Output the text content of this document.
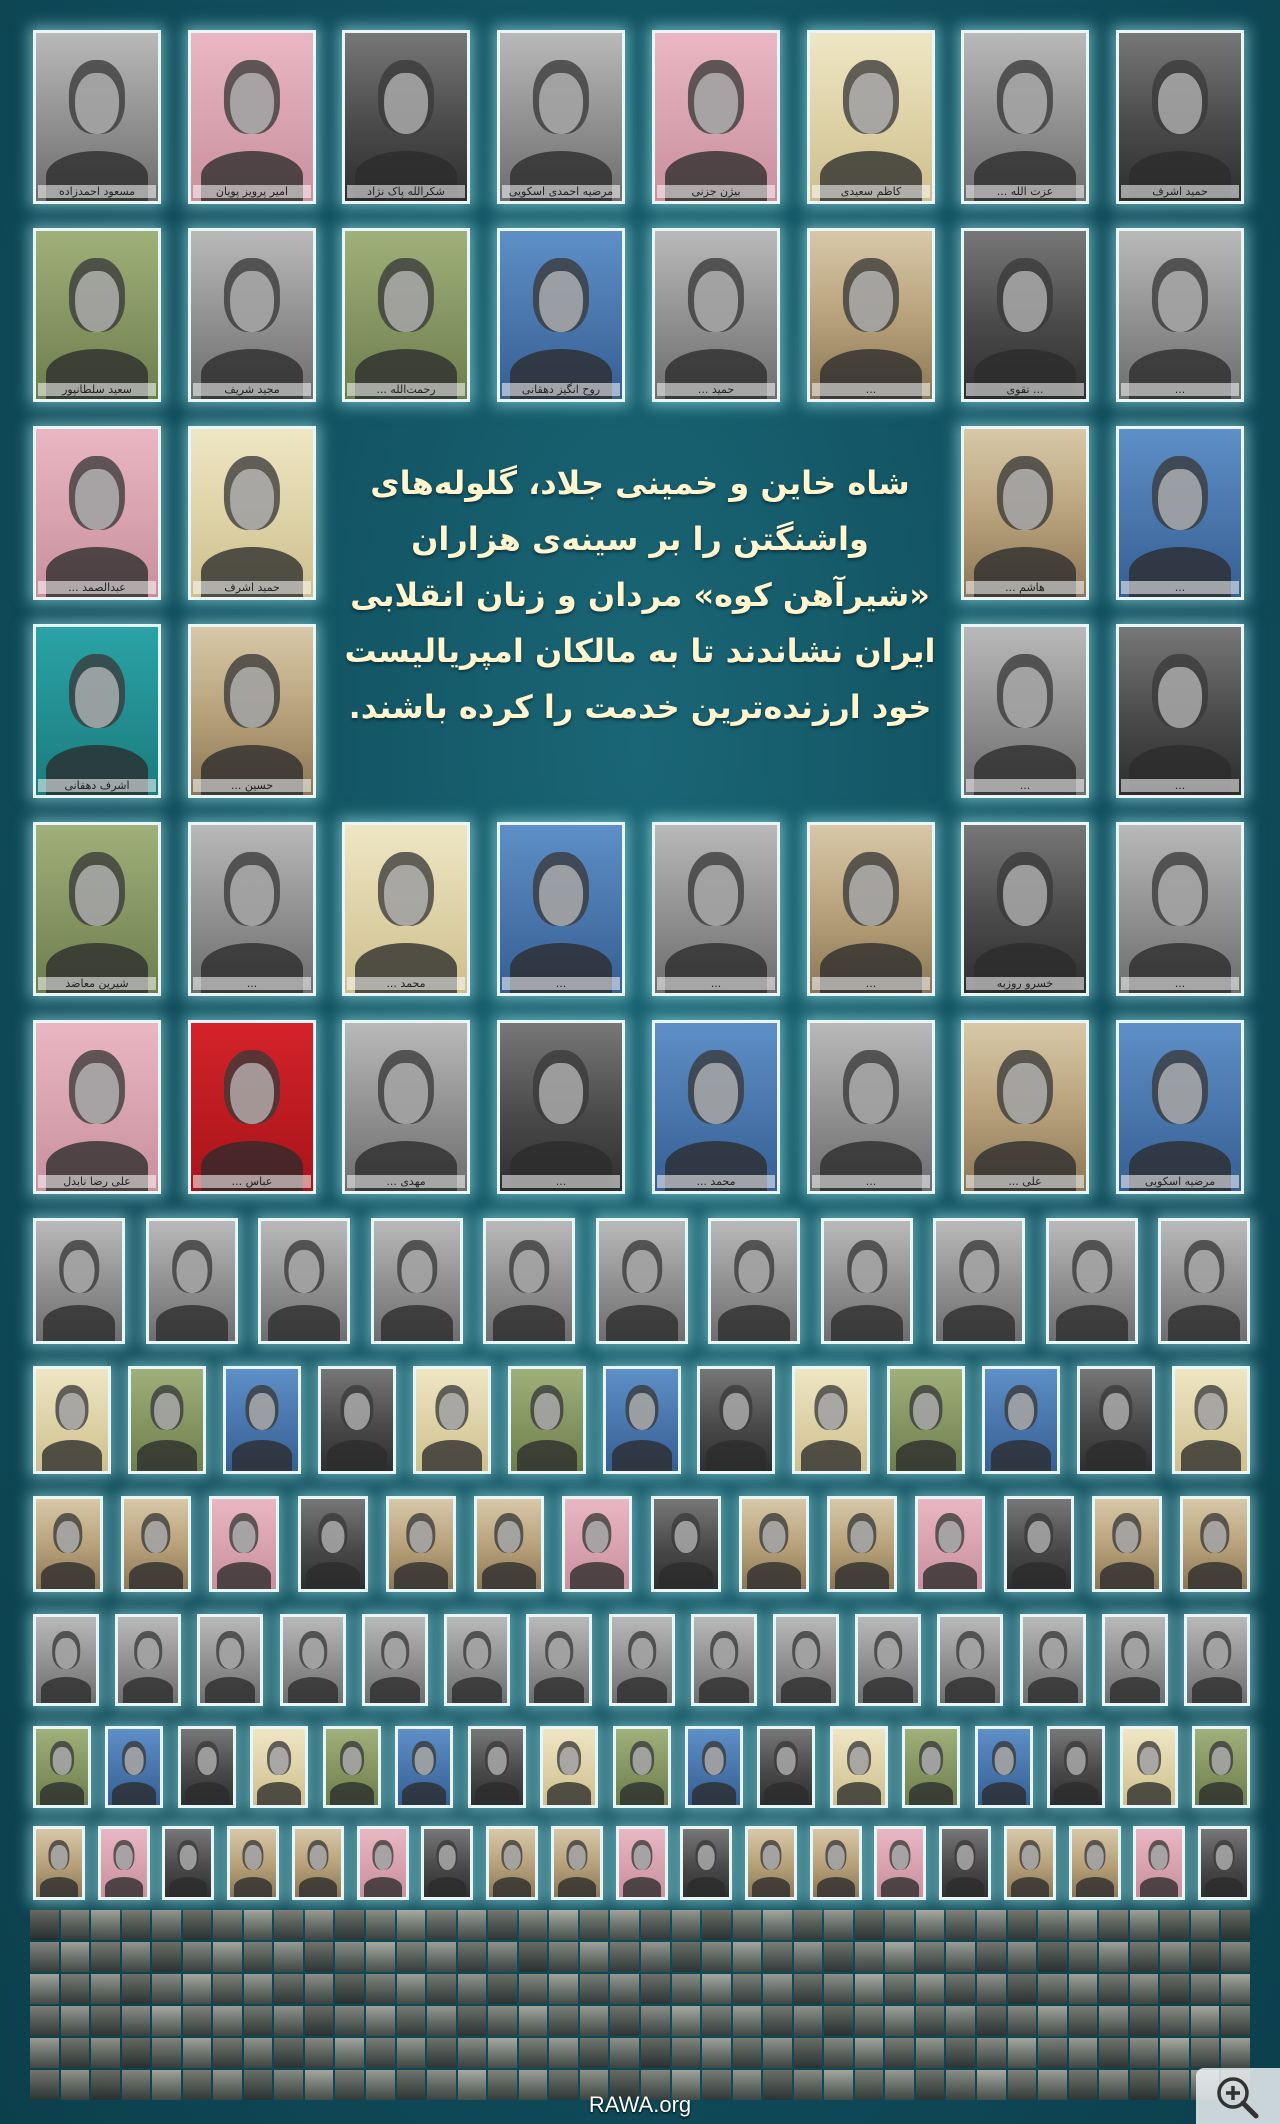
مسعود احمدزاده	امیر پرویز پویان	شکرالله پاک نژاد	مرضیه احمدی اسکویی	بیژن جزنی	کاظم سعیدی	عزت الله ...	حمید اشرف
سعید سلطانپور	مجید شریف	رحمت‌الله ...	روح انگیز دهقانی	حمید ...	...	... تقوی	...
عبدالصمد ...	حمید اشرف	هاشم ...	...
اشرف دهقانی	حسین ...	...	...
شیرین معاضد	...	محمد ...	...	...	...	خسرو روزبه	...
علی رضا نابدل	عباس ...	مهدی ...	...	محمد ...	...	علی ...	مرضیه اسکویی
شاه خاین و خمینی جلاد، گلوله‌های
واشنگتن را بر سینه‌ی هزاران
«شیرآهن کوه» مردان و زنان انقلابی
ایران نشاندند تا به مالکان امپریالیست
خود ارزنده‌ترین خدمت را کرده باشند.
RAWA.org
